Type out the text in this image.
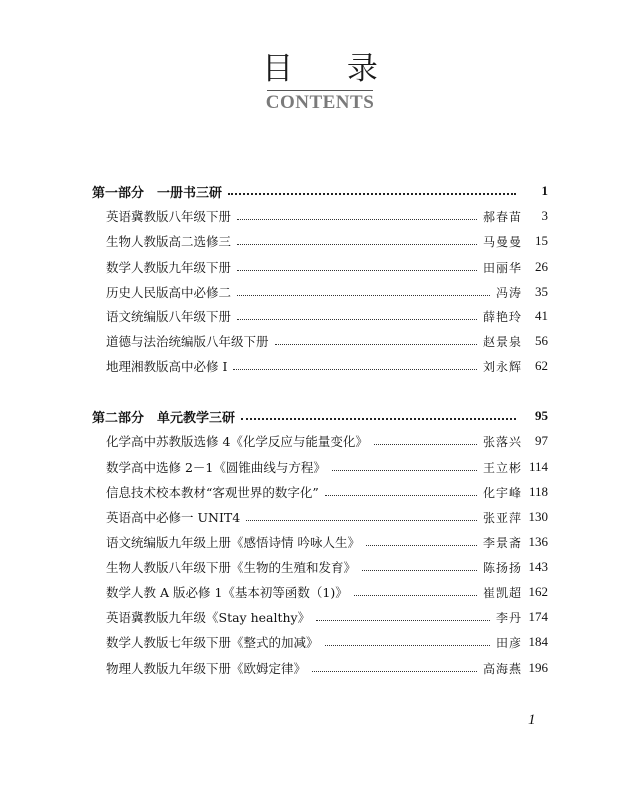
目 录
CONTENTS
第一部分　一册书三研	1
英语冀教版八年级下册	郝春苗	3
生物人教版高二选修三	马曼曼	15
数学人教版九年级下册	田丽华	26
历史人民版高中必修二	冯涛	35
语文统编版八年级下册	薛艳玲	41
道德与法治统编版八年级下册	赵景泉	56
地理湘教版高中必修 I	刘永辉	62
第二部分　单元教学三研	95
化学高中苏教版选修 4《化学反应与能量变化》	张落兴	97
数学高中选修 2－1《圆锥曲线与方程》	王立彬 114
信息技术校本教材“客观世界的数字化”	化宇峰 118
英语高中必修一 UNIT4	张亚萍 130
语文统编版九年级上册《感悟诗情 吟咏人生》	李景斋 136
生物人教版八年级下册《生物的生殖和发育》	陈扬扬 143
数学人教 A 版必修 1《基本初等函数（1)》	崔凯超 162
英语冀教版九年级《Stay healthy》	李丹 174
数学人教版七年级下册《整式的加减》	田彦 184
物理人教版九年级下册《欧姆定律》	高海燕 196
1
